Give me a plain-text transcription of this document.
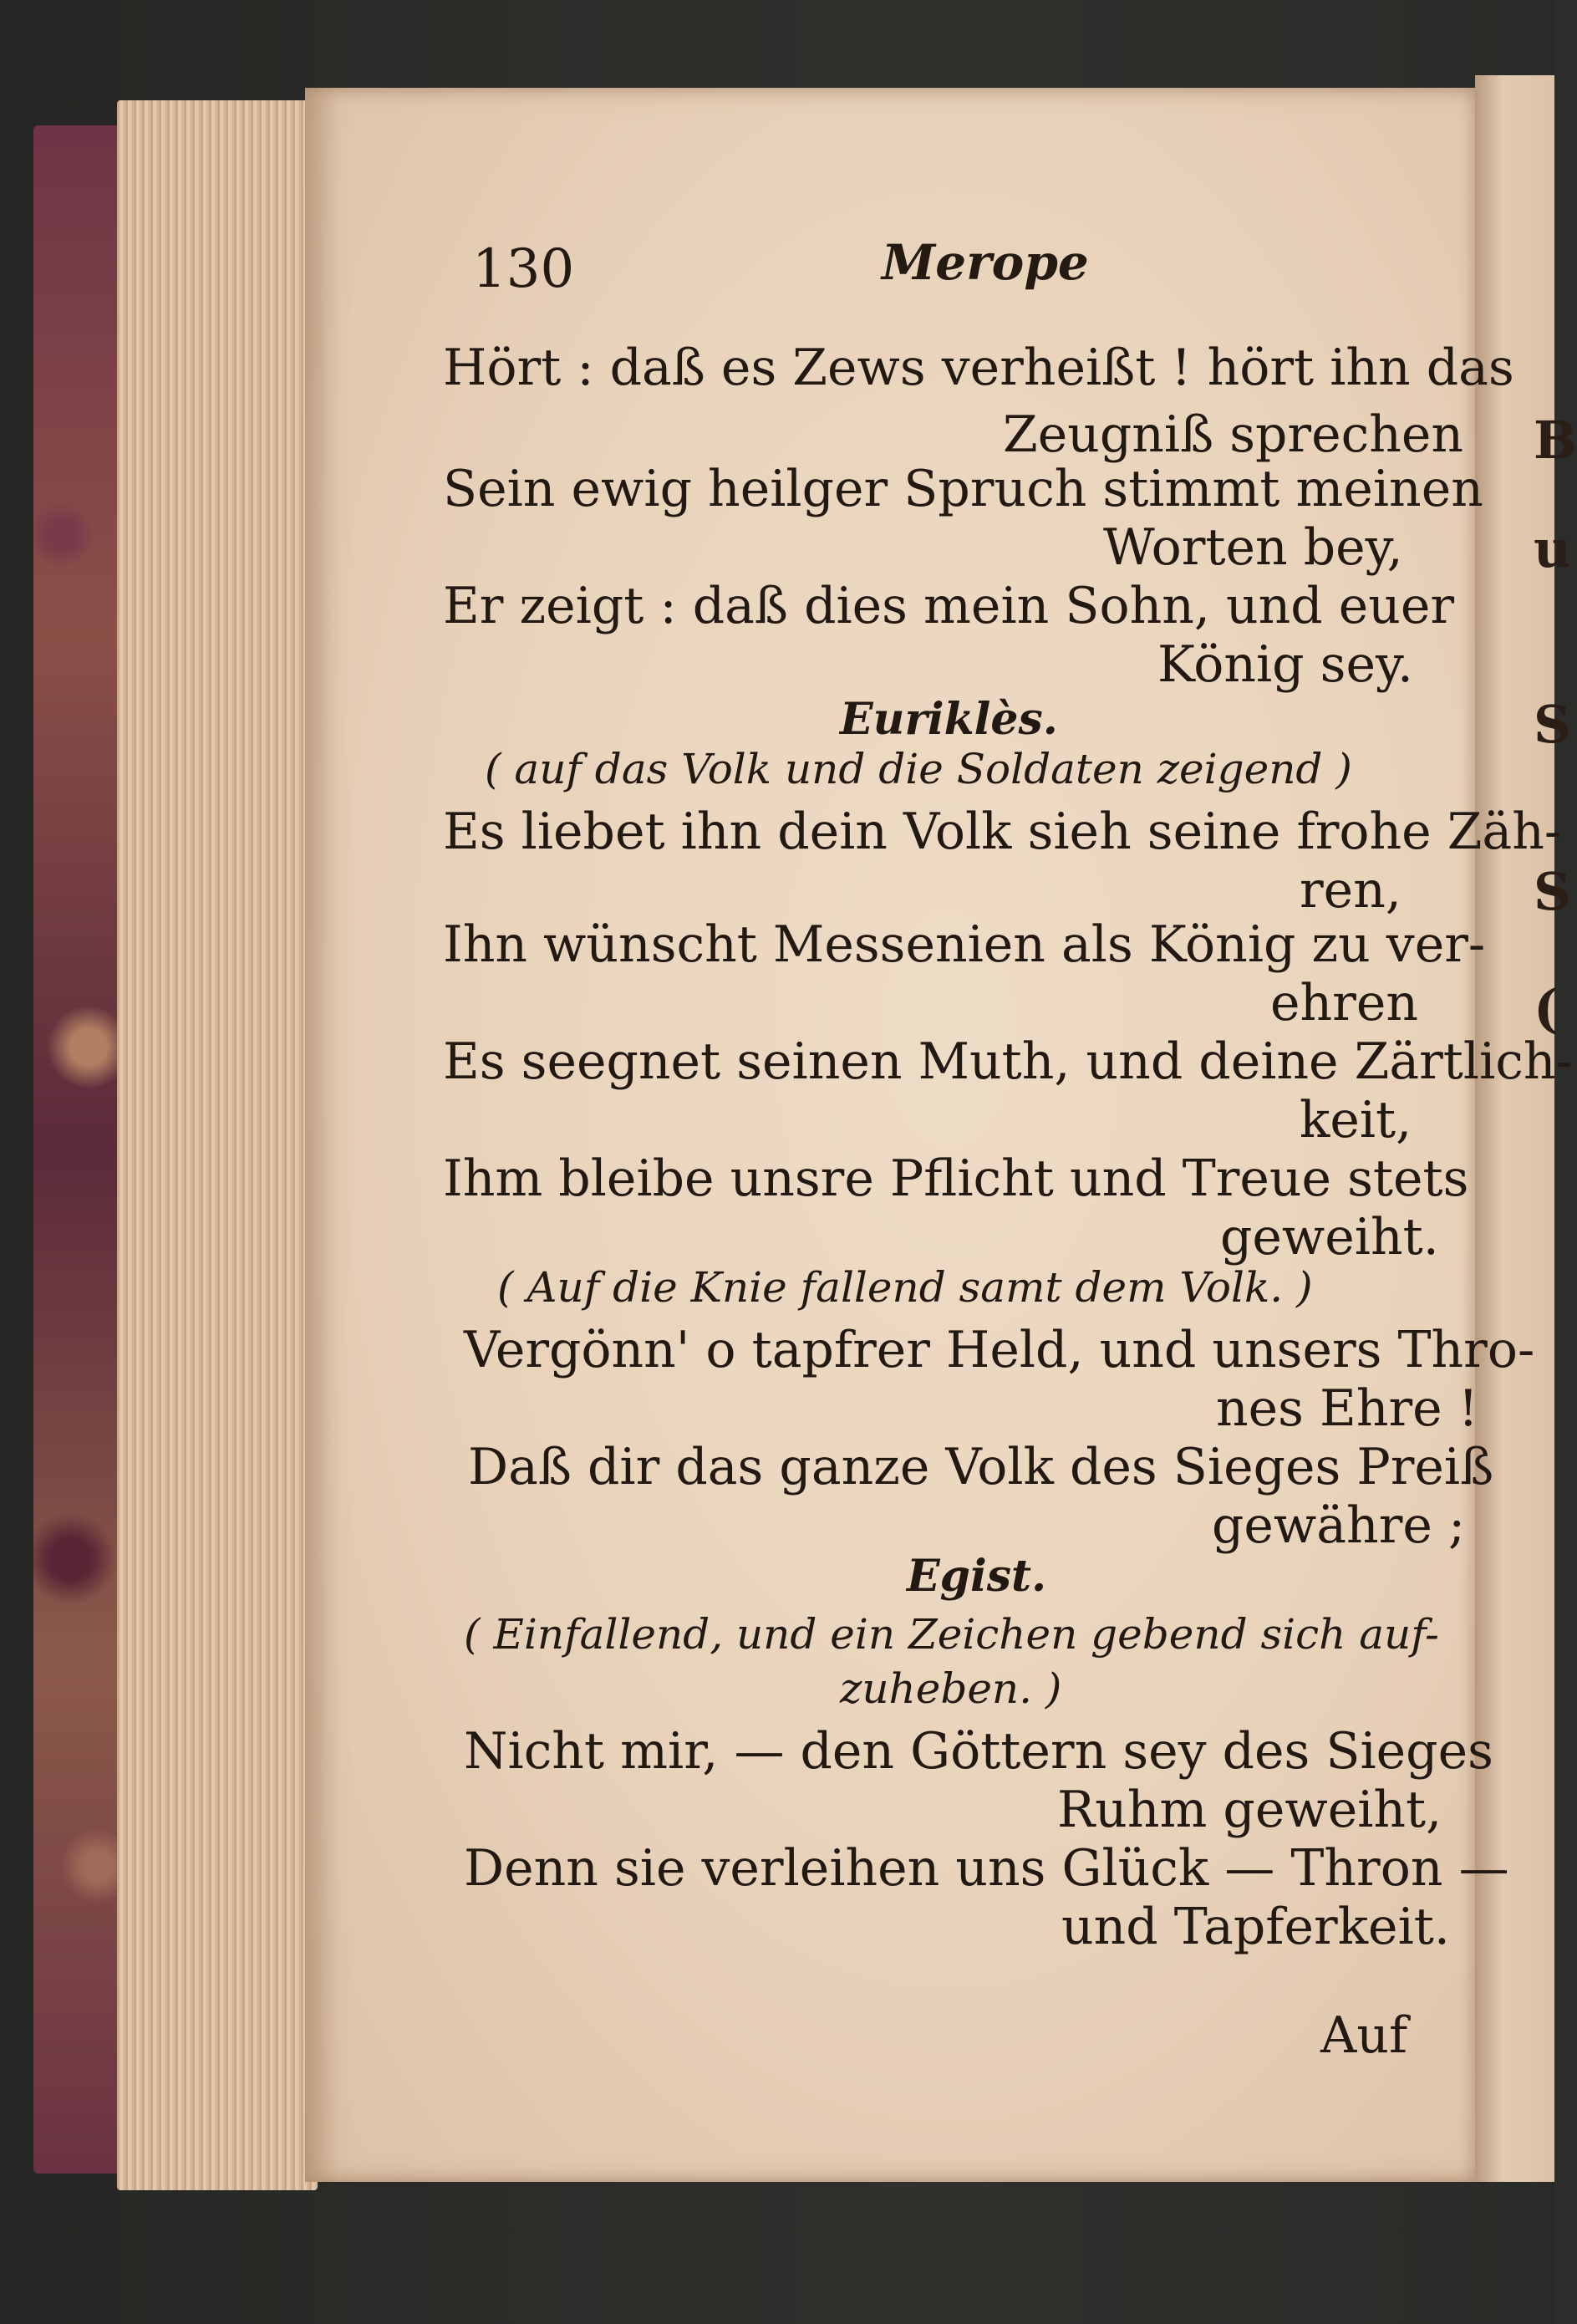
B
u
S
S
(
130	Merope
Hört : daß es Zews verheißt ! hört ihn das
Zeugniß sprechen
Sein ewig heilger Spruch stimmt meinen
Worten bey,
Er zeigt : daß dies mein Sohn, und euer
König sey.
Euriklès.
( auf das Volk und die Soldaten zeigend )
Es liebet ihn dein Volk sieh seine frohe Zäh-
ren,
Ihn wünscht Messenien als König zu ver-
ehren
Es seegnet seinen Muth, und deine Zärtlich-
keit,
Ihm bleibe unsre Pflicht und Treue stets
geweiht.
( Auf die Knie fallend samt dem Volk. )
Vergönn' o tapfrer Held, und unsers Thro-
nes Ehre !
Daß dir das ganze Volk des Sieges Preiß
gewähre ;
Egist.
( Einfallend, und ein Zeichen gebend sich auf-
zuheben. )
Nicht mir, — den Göttern sey des Sieges
Ruhm geweiht,
Denn sie verleihen uns Glück — Thron —
und Tapferkeit.
Auf
